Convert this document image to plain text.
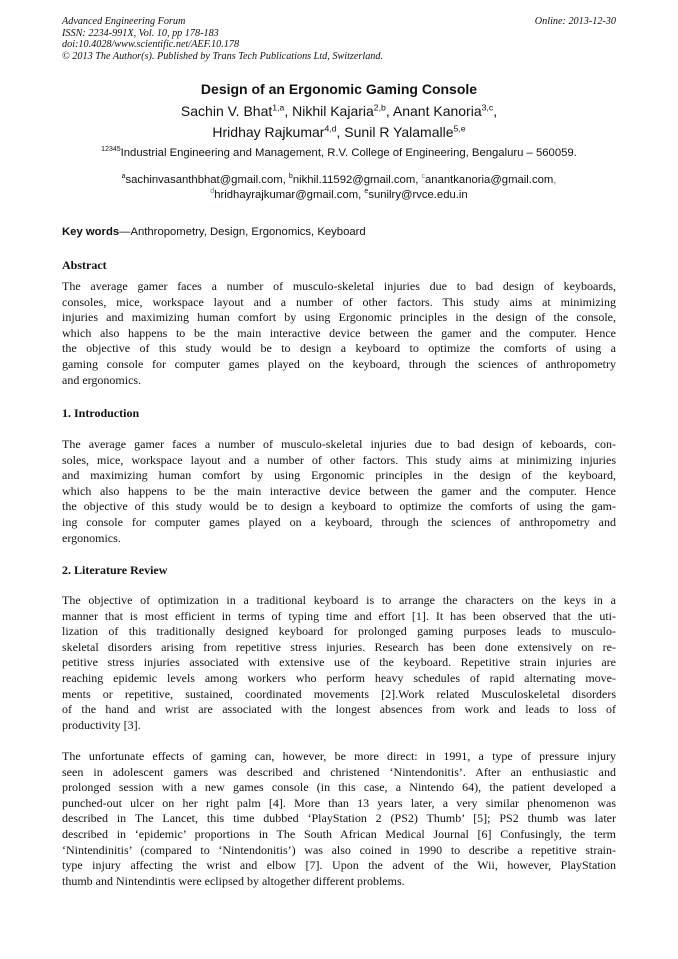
Advanced Engineering Forum
ISSN: 2234-991X, Vol. 10, pp 178-183
doi:10.4028/www.scientific.net/AEF.10.178
© 2013 The Author(s). Published by Trans Tech Publications Ltd, Switzerland.
Online: 2013-12-30
Design of an Ergonomic Gaming Console
Sachin V. Bhat$^{1,a}$, Nikhil Kajaria$^{2,b}$, Anant Kanoria$^{3,c}$,
Hridhay Rajkumar$^{4,d}$, Sunil R Yalamalle$^{5,e}$
$^{12345}$Industrial Engineering and Management, R.V. College of Engineering, Bengaluru – 560059.
$^a$sachinvasanthbhat@gmail.com, $^b$nikhil.11592@gmail.com, $^c$anantkanoria@gmail.com,
$^d$hridhayrajkumar@gmail.com, $^e$sunilry@rvce.edu.in
Key words—Anthropometry, Design, Ergonomics, Keyboard
Abstract
The average gamer faces a number of musculo-skeletal injuries due to bad design of keyboards,
consoles, mice, workspace layout and a number of other factors. This study aims at minimizing
injuries and maximizing human comfort by using Ergonomic principles in the design of the console,
which also happens to be the main interactive device between the gamer and the computer. Hence
the objective of this study would be to design a keyboard to optimize the comforts of using a
gaming console for computer games played on the keyboard, through the sciences of anthropometry
and ergonomics.
1. Introduction
The average gamer faces a number of musculo-skeletal injuries due to bad design of keboards, con-
soles, mice, workspace layout and a number of other factors. This study aims at minimizing injuries
and maximizing human comfort by using Ergonomic principles in the design of the keyboard,
which also happens to be the main interactive device between the gamer and the computer. Hence
the objective of this study would be to design a keyboard to optimize the comforts of using the gam-
ing console for computer games played on a keyboard, through the sciences of anthropometry and
ergonomics.
2. Literature Review
The objective of optimization in a traditional keyboard is to arrange the characters on the keys in a
manner that is most efficient in terms of typing time and effort [1]. It has been observed that the uti-
lization of this traditionally designed keyboard for prolonged gaming purposes leads to musculo-
skeletal disorders arising from repetitive stress injuries. Research has been done extensively on re-
petitive stress injuries associated with extensive use of the keyboard. Repetitive strain injuries are
reaching epidemic levels among workers who perform heavy schedules of rapid alternating move-
ments or repetitive, sustained, coordinated movements [2].Work related Musculoskeletal disorders
of the hand and wrist are associated with the longest absences from work and leads to loss of
productivity [3].
The unfortunate effects of gaming can, however, be more direct: in 1991, a type of pressure injury
seen in adolescent gamers was described and christened ‘Nintendonitis’. After an enthusiastic and
prolonged session with a new games console (in this case, a Nintendo 64), the patient developed a
punched-out ulcer on her right palm [4]. More than 13 years later, a very similar phenomenon was
described in The Lancet, this time dubbed ‘PlayStation 2 (PS2) Thumb’ [5]; PS2 thumb was later
described in ‘epidemic’ proportions in The South African Medical Journal [6] Confusingly, the term
‘Nintendinitis’ (compared to ‘Nintendonitis’) was also coined in 1990 to describe a repetitive strain-
type injury affecting the wrist and elbow [7]. Upon the advent of the Wii, however, PlayStation
thumb and Nintendintis were eclipsed by altogether different problems.
